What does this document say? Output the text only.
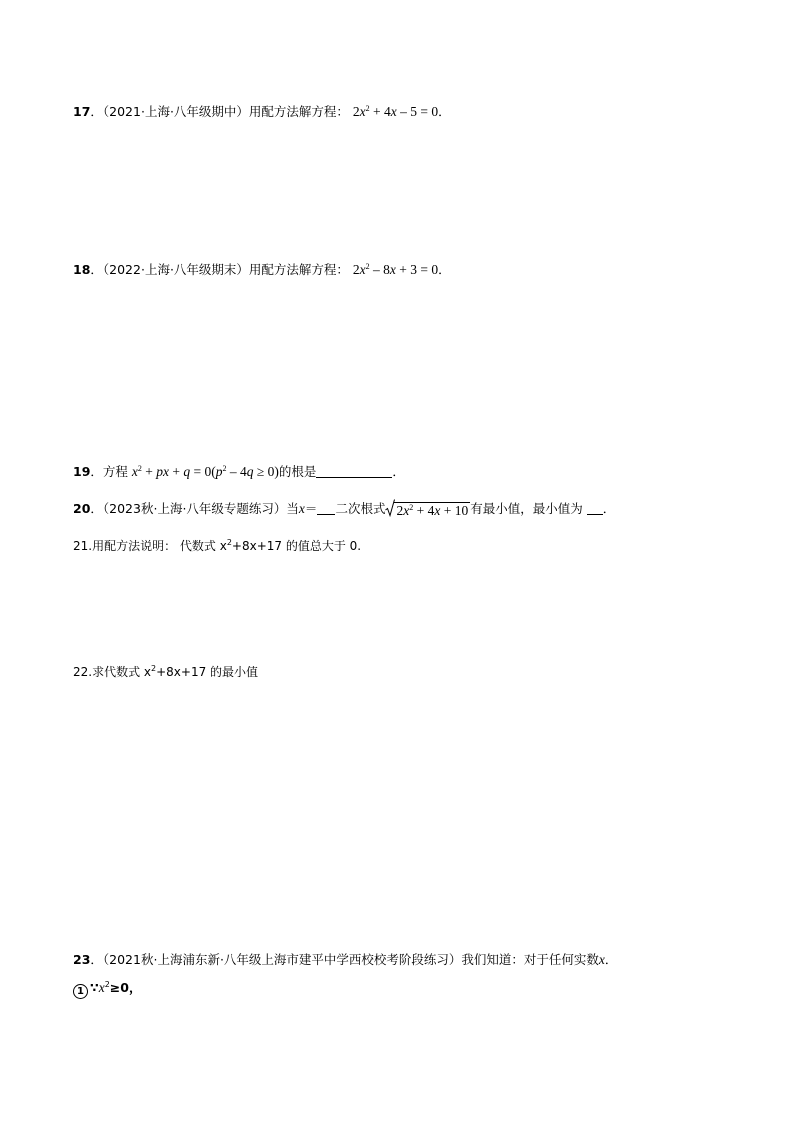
17．（2021·上海·八年级期中）用配方法解方程： $2x^2 + 4x - 5 = 0$．
18．（2022·上海·八年级期末）用配方法解方程： $2x^2 - 8x + 3 = 0$．
19．方程 $x^2$ + px + $q = 0(p^2 - 4q \ge 0)$的根是	．
20．（2023秋·上海·八年级专题练习）当x＝ 二次根式 $2x^2 + 4x + 10$ 有最小值，最小值为 ．
21.用配方法说明： 代数式 $x^2+8x+17$ 的值总大于 0.
22.求代数式 $x^2+8x+17$ 的最小值
23．（2021秋·上海浦东新·八年级上海市建平中学西校校考阶段练习）我们知道：对于任何实数x．
1 $\because x^2\ge 0$，
